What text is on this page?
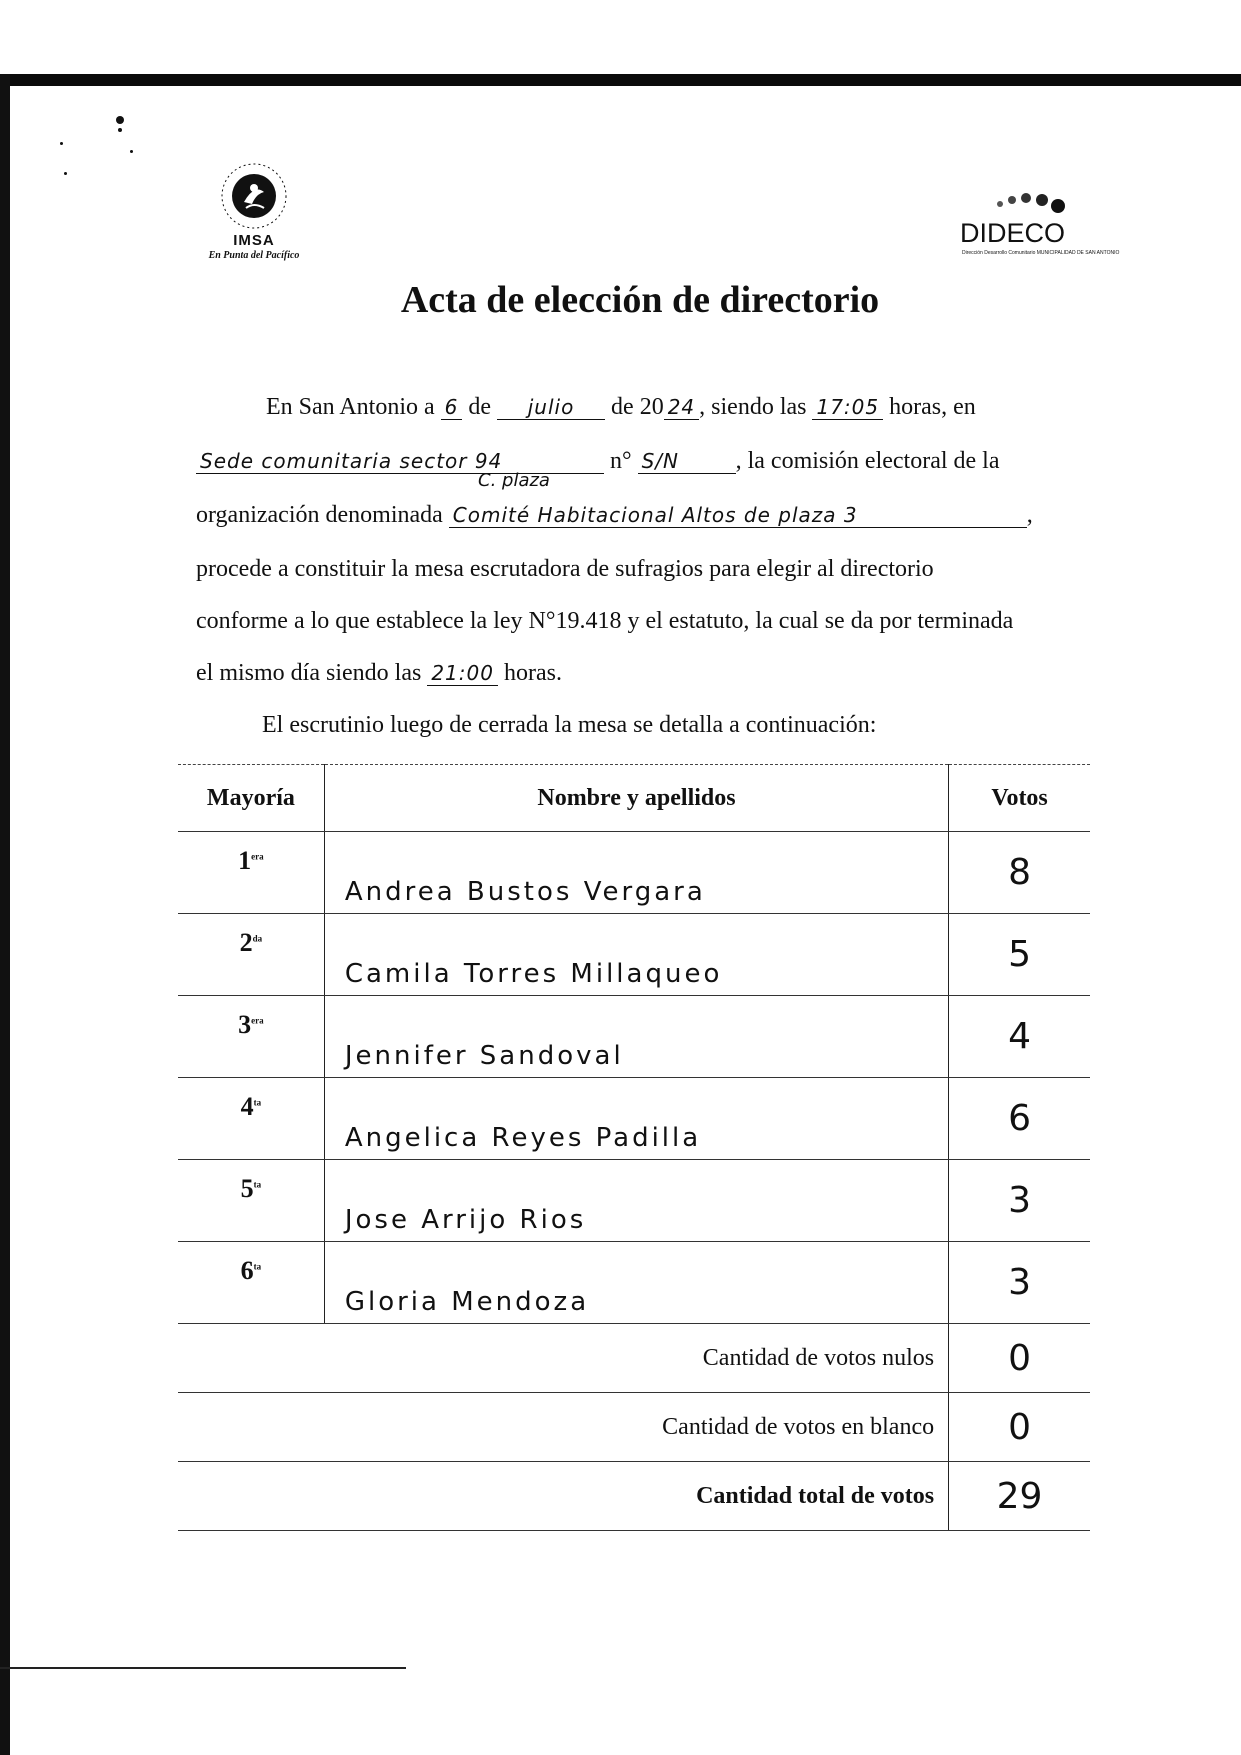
IMSA
En Punta del Pacífico
DIDECO
Dirección Desarrollo Comunitario MUNICIPALIDAD DE SAN ANTONIO
Acta de elección de directorio
En San Antonio a 6 de julio de 20 24 , siendo las 17:05 horas, en
Sede comunitaria sector 94	n° S/N , la comisión electoral de la
C. plaza
organización denominada Comité Habitacional Altos de plaza 3	,
procede a constituir la mesa escrutadora de sufragios para elegir al directorio
conforme a lo que establece la ley N°19.418 y el estatuto, la cual se da por terminada
el mismo día siendo las 21:00 horas.
El escrutinio luego de cerrada la mesa se detalla a continuación:
Mayoría	Nombre y apellidos	Votos
$1^{era}$	Andrea Bustos Vergara	8
$2^{da}$	Camila Torres Millaqueo	5
$3^{era}$	Jennifer Sandoval	4
$4^{ta}$	Angelica Reyes Padilla	6
$5^{ta}$	Jose Arrijo Rios	3
$6^{ta}$	Gloria Mendoza	3
Cantidad de votos nulos		0
Cantidad de votos en blanco		0
Cantidad total de votos		29
